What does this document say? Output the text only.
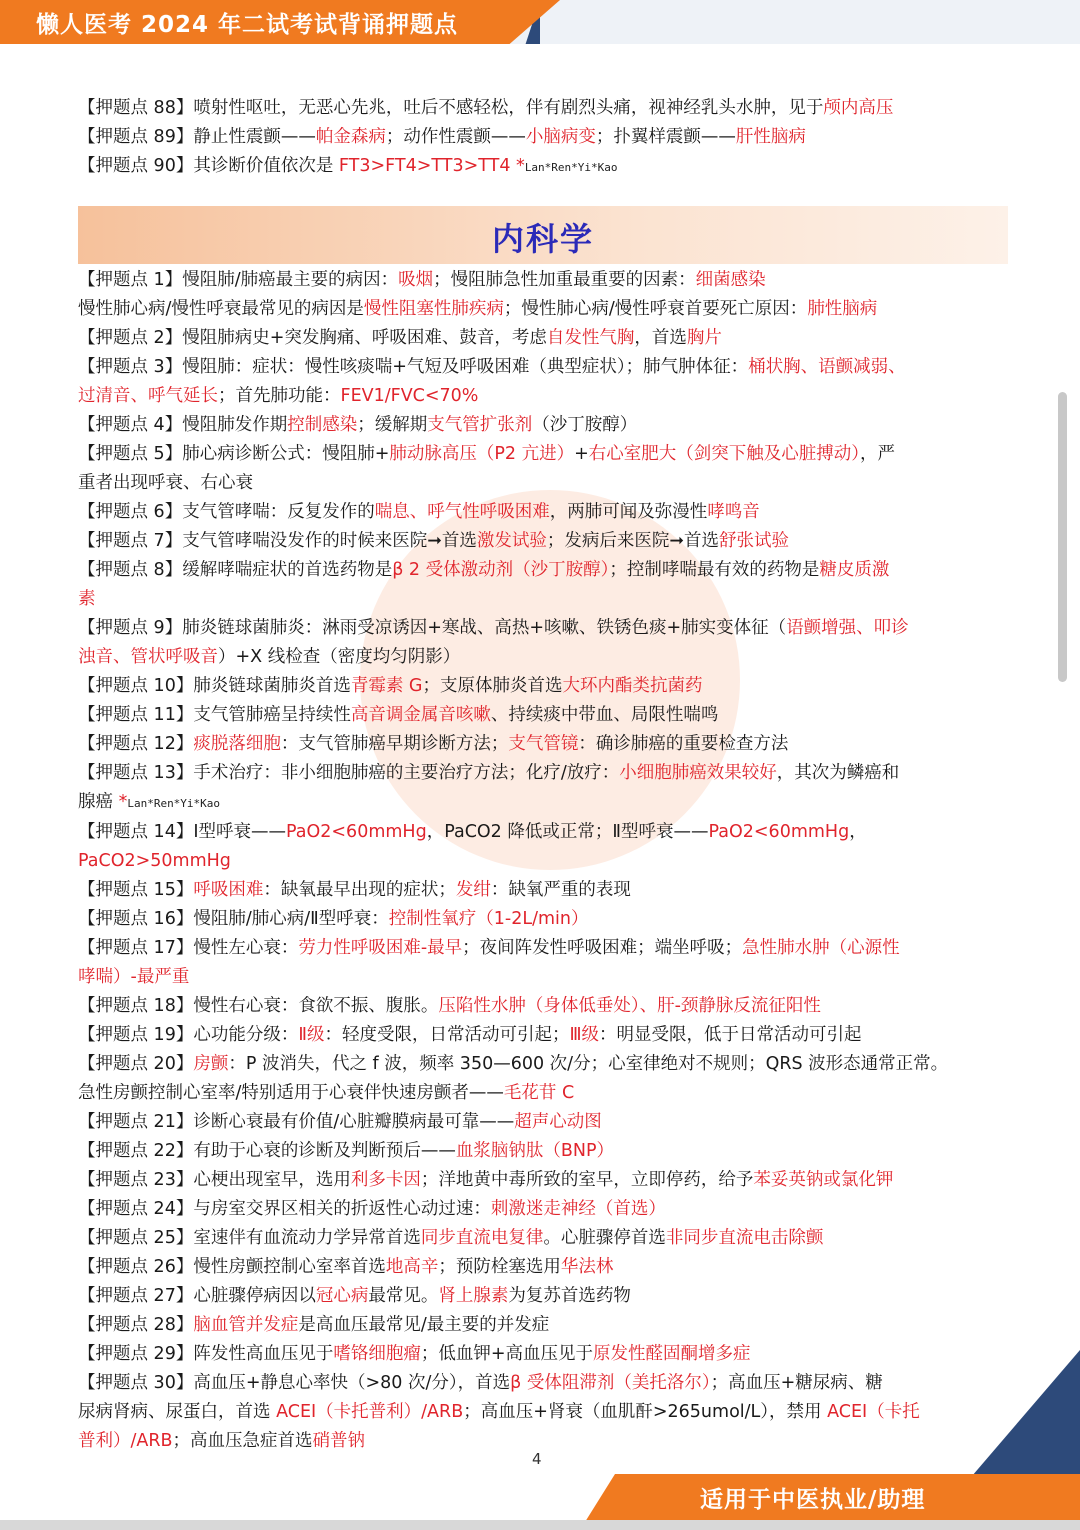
懒人医考 2024 年二试考试背诵押题点
【押题点 88】喷射性呕吐，无恶心先兆，吐后不感轻松，伴有剧烈头痛，视神经乳头水肿，见于颅内高压
【押题点 89】静止性震颤——帕金森病；动作性震颤——小脑病变；扑翼样震颤——肝性脑病
【押题点 90】其诊断价值依次是 FT3>FT4>TT3>TT4 *Lan*Ren*Yi*Kao
内科学
【押题点 1】慢阻肺/肺癌最主要的病因：吸烟；慢阻肺急性加重最重要的因素：细菌感染
慢性肺心病/慢性呼衰最常见的病因是慢性阻塞性肺疾病；慢性肺心病/慢性呼衰首要死亡原因：肺性脑病
【押题点 2】慢阻肺病史+突发胸痛、呼吸困难、鼓音，考虑自发性气胸，首选胸片
【押题点 3】慢阻肺：症状：慢性咳痰喘+气短及呼吸困难（典型症状）；肺气肿体征：桶状胸、语颤减弱、
过清音、呼气延长；首先肺功能：FEV1/FVC<70%
【押题点 4】慢阻肺发作期控制感染；缓解期支气管扩张剂（沙丁胺醇）
【押题点 5】肺心病诊断公式：慢阻肺+肺动脉高压（P2 亢进）+右心室肥大（剑突下触及心脏搏动），严
重者出现呼衰、右心衰
【押题点 6】支气管哮喘：反复发作的喘息、呼气性呼吸困难，两肺可闻及弥漫性哮鸣音
【押题点 7】支气管哮喘没发作的时候来医院➞首选激发试验；发病后来医院➞首选舒张试验
【押题点 8】缓解哮喘症状的首选药物是β 2 受体激动剂（沙丁胺醇）；控制哮喘最有效的药物是糖皮质激
素
【押题点 9】肺炎链球菌肺炎：淋雨受凉诱因+寒战、高热+咳嗽、铁锈色痰+肺实变体征（语颤增强、叩诊
浊音、管状呼吸音）+X 线检查（密度均匀阴影）
【押题点 10】肺炎链球菌肺炎首选青霉素 G；支原体肺炎首选大环内酯类抗菌药
【押题点 11】支气管肺癌呈持续性高音调金属音咳嗽、持续痰中带血、局限性喘鸣
【押题点 12】痰脱落细胞：支气管肺癌早期诊断方法；支气管镜：确诊肺癌的重要检查方法
【押题点 13】手术治疗：非小细胞肺癌的主要治疗方法；化疗/放疗：小细胞肺癌效果较好，其次为鳞癌和
腺癌 *Lan*Ren*Yi*Kao
【押题点 14】Ⅰ型呼衰——PaO2<60mmHg，PaCO2 降低或正常；Ⅱ型呼衰——PaO2<60mmHg，PaCO2>50mmHg
【押题点 15】呼吸困难：缺氧最早出现的症状；发绀：缺氧严重的表现
【押题点 16】慢阻肺/肺心病/Ⅱ型呼衰：控制性氧疗（1-2L/min）
【押题点 17】慢性左心衰：劳力性呼吸困难-最早；夜间阵发性呼吸困难；端坐呼吸；急性肺水肿（心源性
哮喘）-最严重
【押题点 18】慢性右心衰：食欲不振、腹胀。压陷性水肿（身体低垂处）、肝-颈静脉反流征阳性
【押题点 19】心功能分级：Ⅱ级：轻度受限，日常活动可引起；Ⅲ级：明显受限，低于日常活动可引起
【押题点 20】房颤：P 波消失，代之 f 波，频率 350—600 次/分；心室律绝对不规则；QRS 波形态通常正常。
急性房颤控制心室率/特别适用于心衰伴快速房颤者——毛花苷 C
【押题点 21】诊断心衰最有价值/心脏瓣膜病最可靠——超声心动图
【押题点 22】有助于心衰的诊断及判断预后——血浆脑钠肽（BNP）
【押题点 23】心梗出现室早，选用利多卡因；洋地黄中毒所致的室早，立即停药，给予苯妥英钠或氯化钾
【押题点 24】与房室交界区相关的折返性心动过速：刺激迷走神经（首选）
【押题点 25】室速伴有血流动力学异常首选同步直流电复律。心脏骤停首选非同步直流电击除颤
【押题点 26】慢性房颤控制心室率首选地高辛；预防栓塞选用华法林
【押题点 27】心脏骤停病因以冠心病最常见。肾上腺素为复苏首选药物
【押题点 28】脑血管并发症是高血压最常见/最主要的并发症
【押题点 29】阵发性高血压见于嗜铬细胞瘤；低血钾+高血压见于原发性醛固酮增多症
【押题点 30】高血压+静息心率快（>80 次/分），首选β 受体阻滞剂（美托洛尔）；高血压+糖尿病、糖
尿病肾病、尿蛋白，首选 ACEI（卡托普利）/ARB；高血压+肾衰（血肌酐>265umol/L），禁用 ACEI（卡托
普利）/ARB；高血压急症首选硝普钠
4
适用于中医执业/助理
